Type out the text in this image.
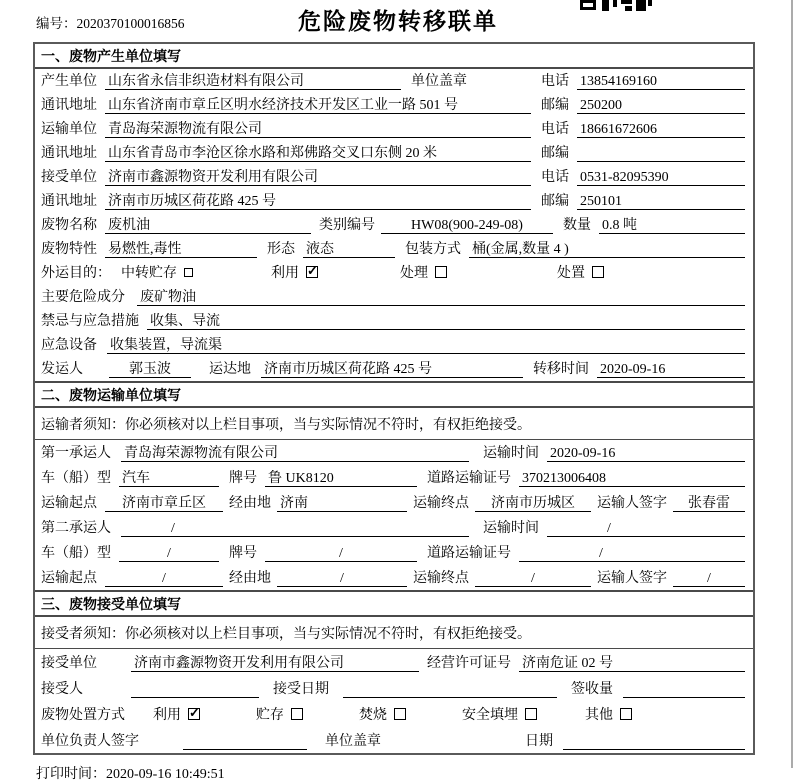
编号：2020370100016856	危险废物转移联单
一、废物产生单位填写
产生单位 山东省永信非织造材料有限公司	单位盖章	电话 13854169160
通讯地址 山东省济南市章丘区明水经济技术开发区工业一路 501 号	邮编 250200
运输单位 青岛海荣源物流有限公司	电话 18661672606
通讯地址 山东省青岛市李沧区徐水路和郑佛路交叉口东侧 20 米	邮编
接受单位 济南市鑫源物资开发利用有限公司	电话 0531-82095390
通讯地址 济南市历城区荷花路 425 号	邮编 250101
废物名称 废机油	类别编号	HW08(900-249-08)	数量 0.8 吨
废物特性 易燃性,毒性	形态 液态	包装方式 桶(金属,数量 4 )
外运目的： 中转贮存	利用 ✓	处理	处置
主要危险成分	废矿物油
禁忌与应急措施 收集、导流
应急设备 收集装置，导流渠
发运人	郭玉波	运达地 济南市历城区荷花路 425 号	转移时间 2020-09-16
二、废物运输单位填写
运输者须知：你必须核对以上栏目事项，当与实际情况不符时，有权拒绝接受。
第一承运人 青岛海荣源物流有限公司	运输时间 2020-09-16
车（船）型 汽车	牌号 鲁 UK8120	道路运输证号 370213006408
运输起点	济南市章丘区	经由地 济南	运输终点	济南市历城区	运输人签字	张春雷
第二承运人	/	运输时间	/
车（船）型	/	牌号	/	道路运输证号	/
运输起点	/	经由地	/	运输终点	/	运输人签字	/
三、废物接受单位填写
接受者须知：你必须核对以上栏目事项，当与实际情况不符时，有权拒绝接受。
接受单位	济南市鑫源物资开发利用有限公司	经营许可证号 济南危证 02 号
接受人	接受日期	签收量
废物处置方式 利用 ✓	贮存	焚烧	安全填埋	其他
单位负责人签字	单位盖章	日期
打印时间：2020-09-16 10:49:51
